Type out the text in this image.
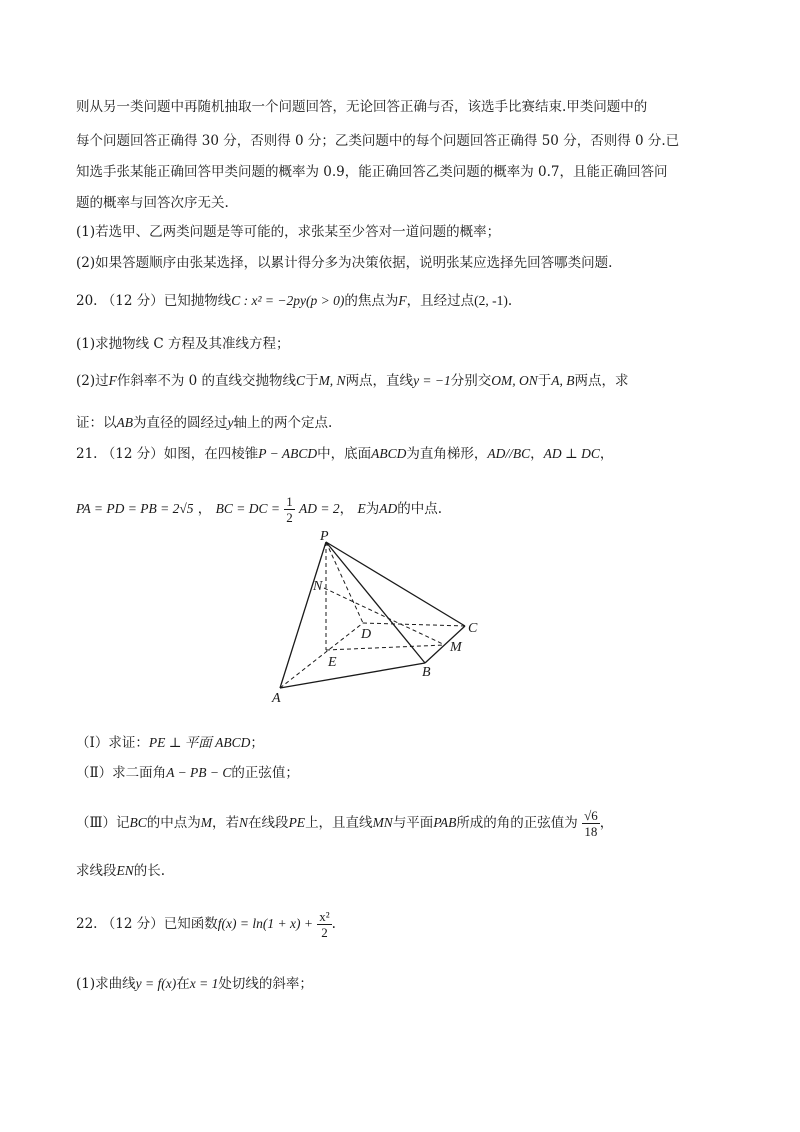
则从另一类问题中再随机抽取一个问题回答，无论回答正确与否，该选手比赛结束.甲类问题中的
每个问题回答正确得 30 分，否则得 0 分；乙类问题中的每个问题回答正确得 50 分，否则得 0 分.已
知选手张某能正确回答甲类问题的概率为 0.9，能正确回答乙类问题的概率为 0.7，且能正确回答问
题的概率与回答次序无关.
(1)若选甲、乙两类问题是等可能的，求张某至少答对一道问题的概率；
(2)如果答题顺序由张某选择，以累计得分多为决策依据，说明张某应选择先回答哪类问题.
20. （12 分）已知抛物线C : x² = −2py(p > 0)的焦点为F，且经过点(2, -1).
(1)求抛物线 C 方程及其准线方程；
(2)过F作斜率不为 0 的直线交抛物线C于M, N两点，直线y = −1分别交OM, ON于A, B两点，求
证：以AB为直径的圆经过y轴上的两个定点.
21. （12 分）如图，在四棱锥P − ABCD中，底面ABCD为直角梯形，AD//BC，AD ⊥ DC，
PA = PD = PB = 2√5 ， BC = DC = $\frac{1}{2}$ AD = 2， E为AD的中点.
P
N
D	C
M
E
B
A
（Ⅰ）求证：PE ⊥ 平面 ABCD；
（Ⅱ）求二面角A − PB − C的正弦值；
（Ⅲ）记BC的中点为M，若N在线段PE上，且直线MN与平面PAB所成的角的正弦值为 $\frac{√6}{18}$ ，
求线段EN的长.
22. （12 分）已知函数$f(x) = \ln(1 + x) + \frac{\text{x²}}{2}$ .
(1)求曲线y = f(x)在x = 1处切线的斜率；
